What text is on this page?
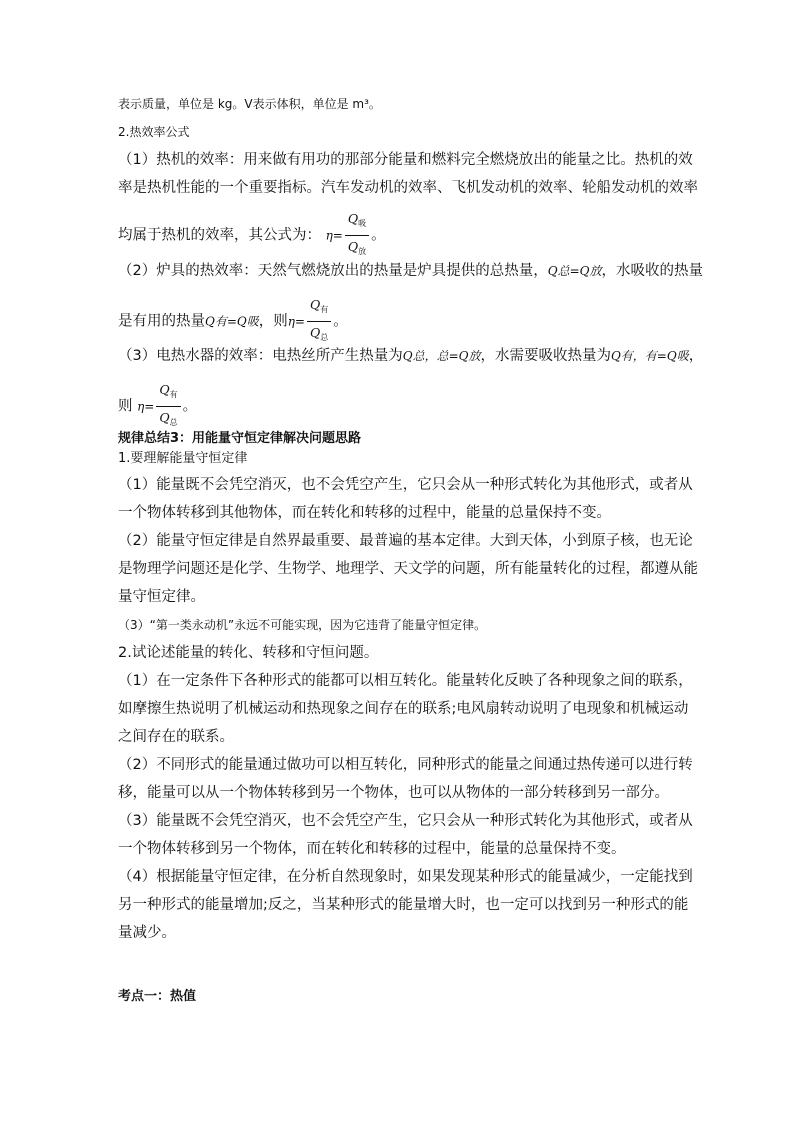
表示质量，单位是 kg。V表示体积，单位是 m³。
2.热效率公式
（1）热机的效率：用来做有用功的那部分能量和燃料完全燃烧放出的能量之比。热机的效
率是热机性能的一个重要指标。汽车发动机的效率、飞机发动机的效率、轮船发动机的效率
均属于热机的效率，其公式为： $\eta= \frac{Q_吸}{Q_放}$ 。
（2）炉具的热效率：天然气燃烧放出的热量是炉具提供的总热量，Q总=Q放，水吸收的热量
是有用的热量Q有=Q吸，则$\eta= \frac{Q_有}{Q_总}$ 。
（3）电热水器的效率：电热丝所产生热量为Q总，总=Q放，水需要吸收热量为Q有，有=Q吸，
则 $\eta= \frac{Q_有}{Q_总}$ 。
规律总结3：用能量守恒定律解决问题思路
1.要理解能量守恒定律
（1）能量既不会凭空消灭，也不会凭空产生，它只会从一种形式转化为其他形式，或者从
一个物体转移到其他物体，而在转化和转移的过程中，能量的总量保持不变。
（2）能量守恒定律是自然界最重要、最普遍的基本定律。大到天体，小到原子核，也无论
是物理学问题还是化学、生物学、地理学、天文学的问题，所有能量转化的过程，都遵从能
量守恒定律。
（3）“第一类永动机”永远不可能实现，因为它违背了能量守恒定律。
2.试论述能量的转化、转移和守恒问题。
（1）在一定条件下各种形式的能都可以相互转化。能量转化反映了各种现象之间的联系，
如摩擦生热说明了机械运动和热现象之间存在的联系;电风扇转动说明了电现象和机械运动
之间存在的联系。
（2）不同形式的能量通过做功可以相互转化，同种形式的能量之间通过热传递可以进行转
移，能量可以从一个物体转移到另一个物体，也可以从物体的一部分转移到另一部分。
（3）能量既不会凭空消灭，也不会凭空产生，它只会从一种形式转化为其他形式，或者从
一个物体转移到另一个物体，而在转化和转移的过程中，能量的总量保持不变。
（4）根据能量守恒定律，在分析自然现象时，如果发现某种形式的能量减少，一定能找到
另一种形式的能量增加;反之，当某种形式的能量增大时，也一定可以找到另一种形式的能
量减少。
考点一：热值
